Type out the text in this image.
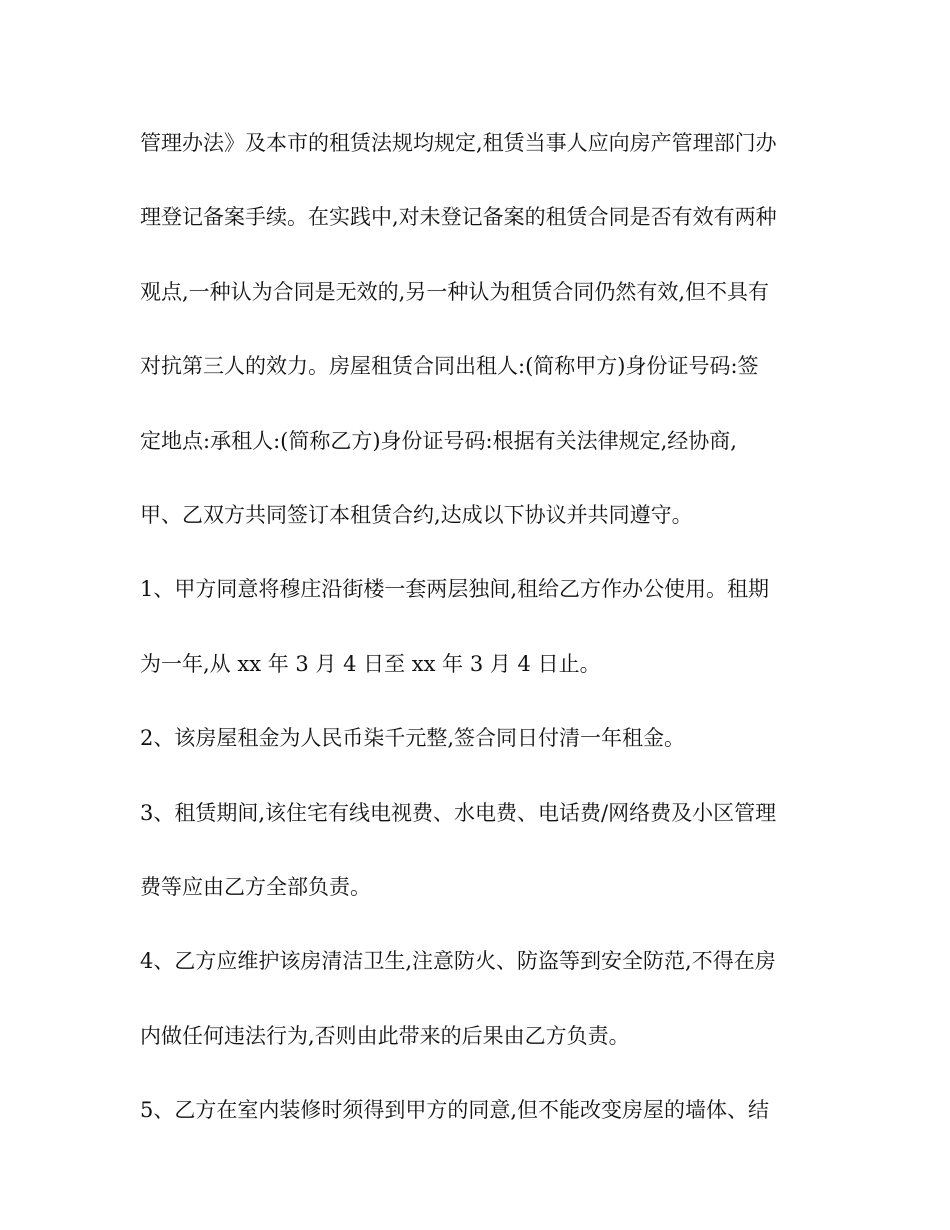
管理办法》及本市的租赁法规均规定,租赁当事人应向房产管理部门办
理登记备案手续。在实践中,对未登记备案的租赁合同是否有效有两种
观点,一种认为合同是无效的,另一种认为租赁合同仍然有效,但不具有
对抗第三人的效力。房屋租赁合同出租人:(简称甲方)身份证号码:签
定地点:承租人:(简称乙方)身份证号码:根据有关法律规定,经协商,
甲、乙双方共同签订本租赁合约,达成以下协议并共同遵守。
1、甲方同意将穆庄沿街楼一套两层独间,租给乙方作办公使用。租期
为一年,从 xx 年 3 月 4 日至 xx 年 3 月 4 日止。
2、该房屋租金为人民币柒千元整,签合同日付清一年租金。
3、租赁期间,该住宅有线电视费、水电费、电话费/网络费及小区管理
费等应由乙方全部负责。
4、乙方应维护该房清洁卫生,注意防火、防盗等到安全防范,不得在房
内做任何违法行为,否则由此带来的后果由乙方负责。
5、乙方在室内装修时须得到甲方的同意,但不能改变房屋的墙体、结
